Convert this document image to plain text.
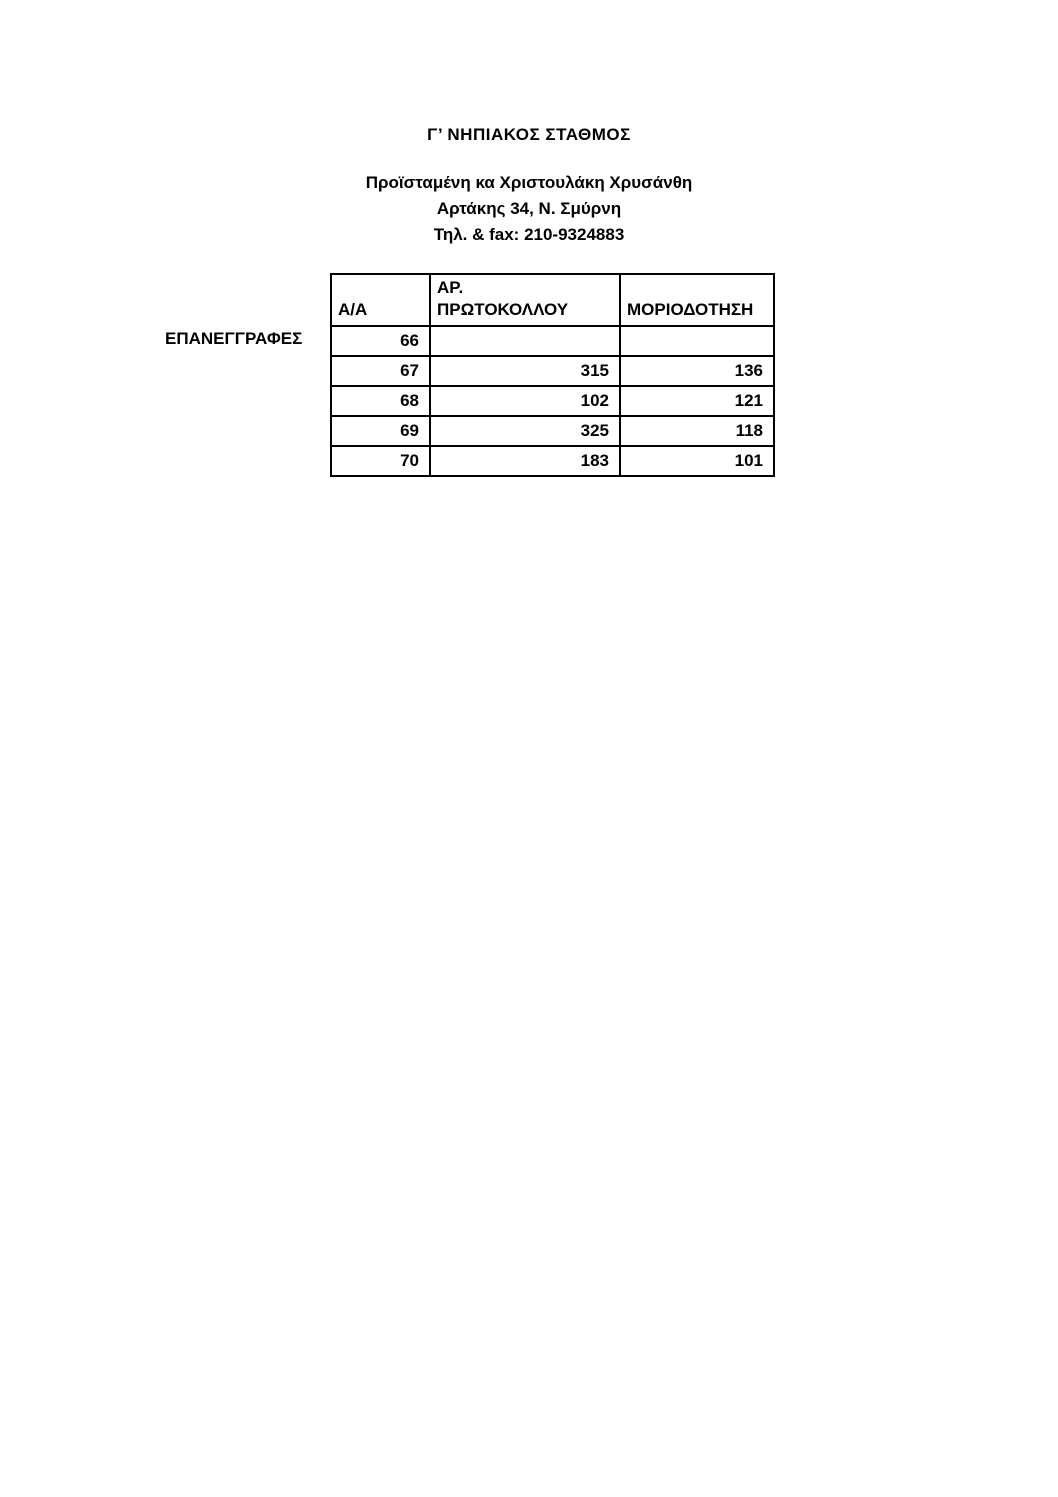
Γ’ ΝΗΠΙΑΚΟΣ ΣΤΑΘΜΟΣ
Προϊσταμένη κα Χριστουλάκη Χρυσάνθη
Αρτάκης 34, Ν. Σμύρνη
Τηλ. & fax: 210-9324883
ΕΠΑΝΕΓΓΡΑΦΕΣ
Α/Α	ΑΡ. ΠΡΩΤΟΚΟΛΛΟΥ	ΜΟΡΙΟΔΟΤΗΣΗ
66		
67	315	136
68	102	121
69	325	118
70	183	101
